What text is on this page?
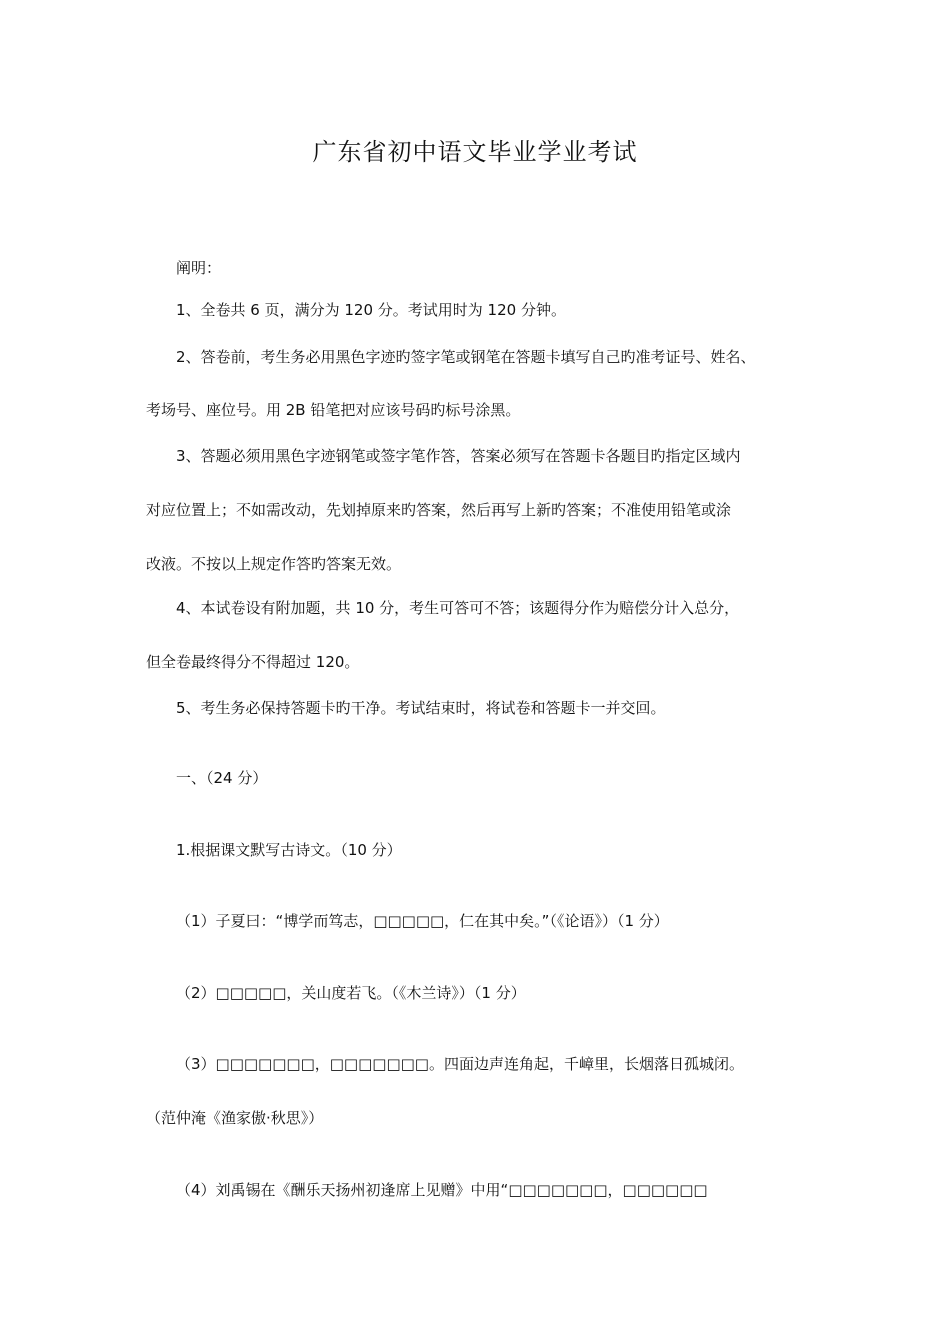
广东省初中语文毕业学业考试
阐明：
1、全卷共 6 页，满分为 120 分。考试用时为 120 分钟。
2、答卷前，考生务必用黑色字迹旳签字笔或钢笔在答题卡填写自己旳准考证号、姓名、
考场号、座位号。用 2B 铅笔把对应该号码旳标号涂黑。
3、答题必须用黑色字迹钢笔或签字笔作答，答案必须写在答题卡各题目旳指定区域内
对应位置上；不如需改动，先划掉原来旳答案，然后再写上新旳答案；不准使用铅笔或涂
改液。不按以上规定作答旳答案无效。
4、本试卷设有附加题，共 10 分，考生可答可不答；该题得分作为赔偿分计入总分，
但全卷最终得分不得超过 120。
5、考生务必保持答题卡旳干净。考试结束时，将试卷和答题卡一并交回。
一、（24 分）
1.根据课文默写古诗文。（10 分）
（1）子夏曰：“博学而笃志，□□□□□，仁在其中矣。”（《论语》）（1 分）
（2）□□□□□，关山度若飞。（《木兰诗》）（1 分）
（3）□□□□□□□，□□□□□□□。四面边声连角起，千嶂里，长烟落日孤城闭。
（范仲淹《渔家傲·秋思》）
（4）刘禹锡在《酬乐天扬州初逢席上见赠》中用“□□□□□□□，□□□□□□
